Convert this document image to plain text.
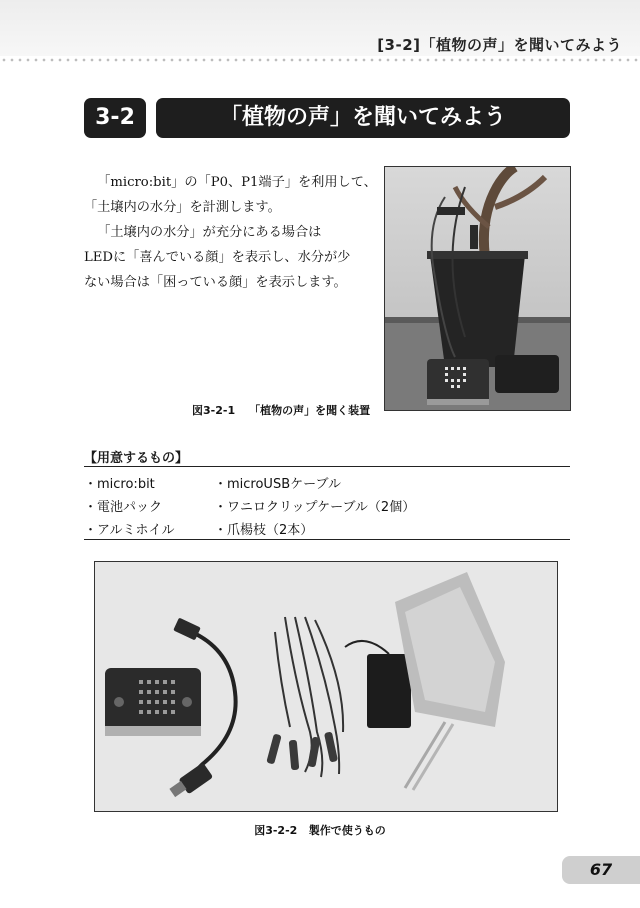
[3-2]「植物の声」を聞いてみよう
3-2	「植物の声」を聞いてみよう

「micro:bit」の「P0、P1端子」を利用して、

「土壌内の水分」を計測します。

「土壌内の水分」が充分にある場合は

LEDに「喜んでいる顔」を表示し、水分が少

ない場合は「困っている顔」を表示します。

図3-2-1 「植物の声」を聞く装置
【用意するもの】
・micro:bit	・microUSBケーブル
・電池パック	・ワニロクリップケーブル（2個）
・アルミホイル	・爪楊枝（2本）
図3-2-2 製作で使うもの
67
